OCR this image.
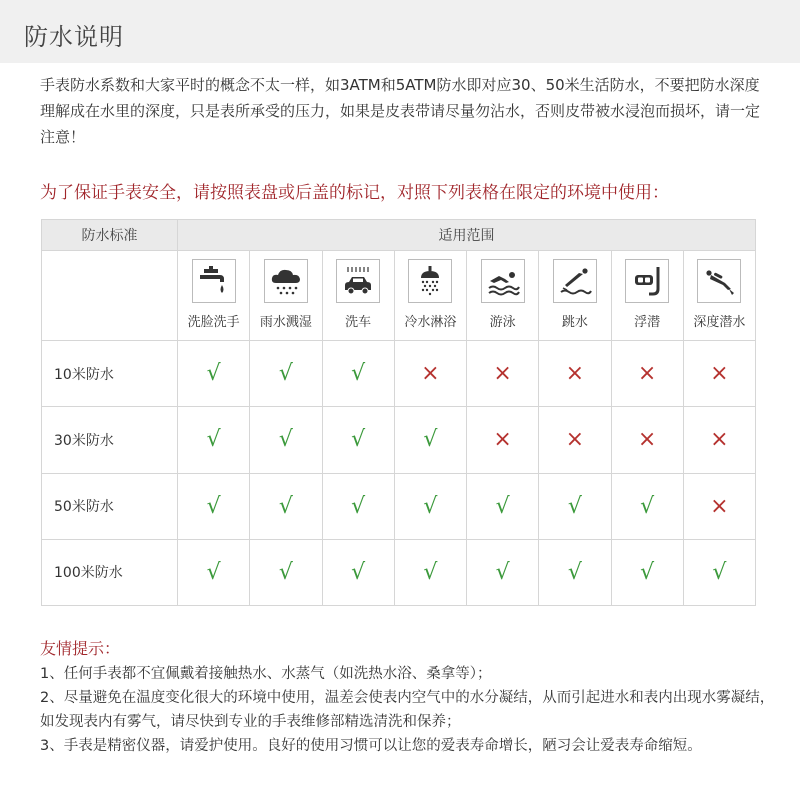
防水说明
手表防水系数和大家平时的概念不太一样，如3ATM和5ATM防水即对应30、50米生活防水，不要把防水深度理解成在水里的深度，只是表所承受的压力，如果是皮表带请尽量勿沾水，否则皮带被水浸泡而损坏，请一定注意！
为了保证手表安全，请按照表盘或后盖的标记，对照下列表格在限定的环境中使用：
防水标准	适用范围							

	洗脸洗手	雨水溅湿	洗车	冷水淋浴	游泳	跳水	浮潜	深度潜水

10米防水	√	√	√	×	×	×	×	×
30米防水	√	√	√	√	×	×	×	×
50米防水	√	√	√	√	√	√	√	×
100米防水	√	√	√	√	√	√	√	√
友情提示：

1、任何手表都不宜佩戴着接触热水、水蒸气（如洗热水浴、桑拿等）；

2、尽量避免在温度变化很大的环境中使用，温差会使表内空气中的水分凝结，从而引起进水和表内出现水雾凝结，如发现表内有雾气，请尽快到专业的手表维修部精选清洗和保养；

3、手表是精密仪器，请爱护使用。良好的使用习惯可以让您的爱表寿命增长，陋习会让爱表寿命缩短。
